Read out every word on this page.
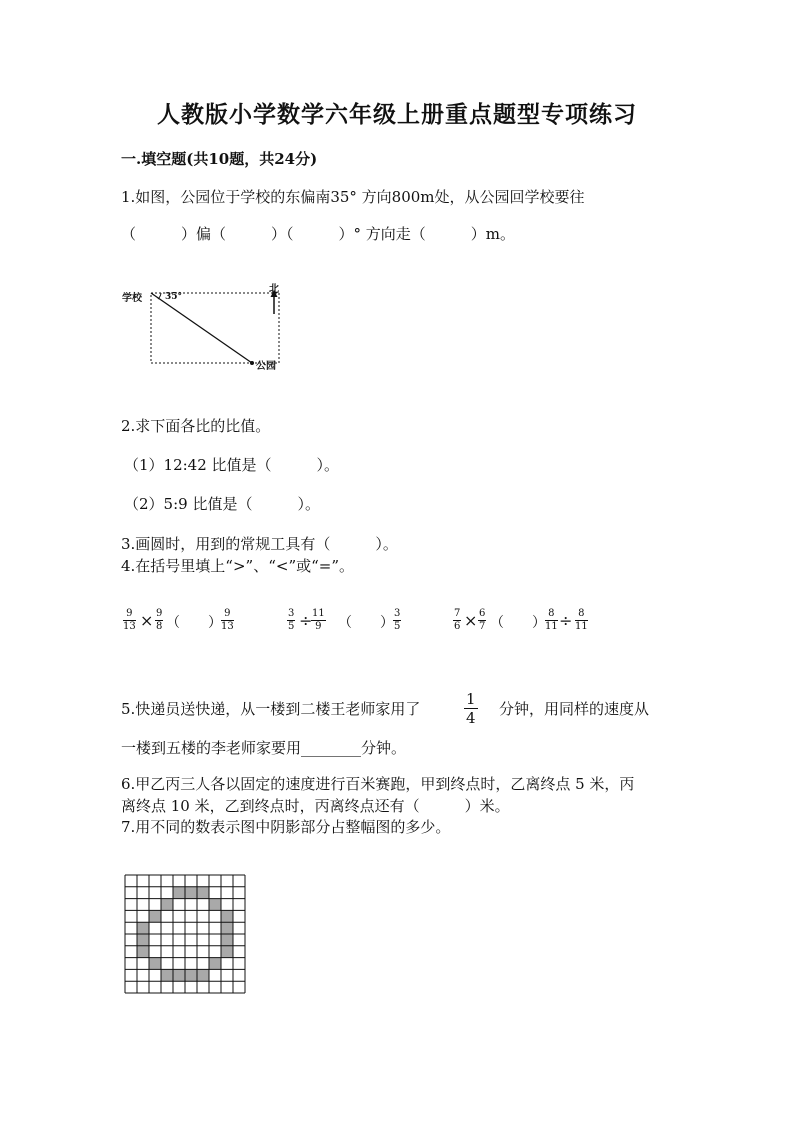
人教版小学数学六年级上册重点题型专项练习
一.填空题(共10题，共24分)
1.如图，公园位于学校的东偏南35° 方向800m处，从公园回学校要往
（　　　）偏（　　　）（　　　）° 方向走（　　　）m。
学校	35°
公园
北
2.求下面各比的比值。
（1）12:42 比值是（　　　）。
（2）5:9 比值是（　　　）。
3.画圆时，用到的常规工具有（　　　）。
4.在括号里填上“>”、“<”或“=”。
$\frac{9}{13} \times \frac{9}{8}$ （　　） $\frac{9}{13}$	$\frac{3}{5}$ ÷
$\frac{11}{9}$ （　　） $\frac{3}{5}$	$\frac{7}{6} \times \frac{6}{7}$ （　　） $\frac{8}{11} \div \frac{8}{11}$
5.快递员送快递，从一楼到二楼王老师家用了
1
4 分钟，用同样的速度从
一楼到五楼的李老师家要用________分钟。
6.甲乙丙三人各以固定的速度进行百米赛跑，甲到终点时，乙离终点 5 米，丙
离终点 10 米，乙到终点时，丙离终点还有（　　　）米。
7.用不同的数表示图中阴影部分占整幅图的多少。
